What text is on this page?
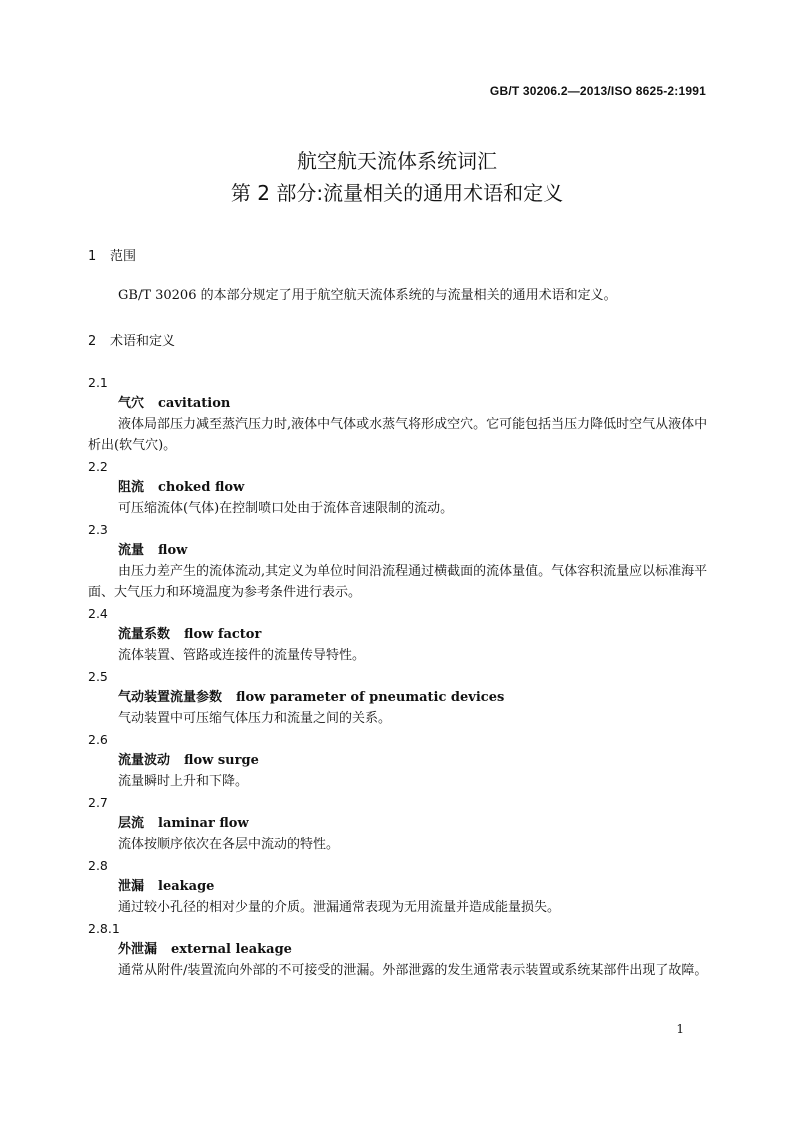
GB/T 30206.2—2013/ISO 8625-2:1991
航空航天流体系统词汇
第 2 部分:流量相关的通用术语和定义
1 范围
GB/T 30206 的本部分规定了用于航空航天流体系统的与流量相关的通用术语和定义。
2 术语和定义
2.1
气穴 cavitation
液体局部压力减至蒸汽压力时,液体中气体或水蒸气将形成空穴。它可能包括当压力降低时空气从液体中析出(软气穴)。
2.2
阻流 choked flow
可压缩流体(气体)在控制喷口处由于流体音速限制的流动。
2.3
流量 flow
由压力差产生的流体流动,其定义为单位时间沿流程通过横截面的流体量值。气体容积流量应以标准海平面、大气压力和环境温度为参考条件进行表示。
2.4
流量系数 flow factor
流体装置、管路或连接件的流量传导特性。
2.5
气动装置流量参数 flow parameter of pneumatic devices
气动装置中可压缩气体压力和流量之间的关系。
2.6
流量波动 flow surge
流量瞬时上升和下降。
2.7
层流 laminar flow
流体按顺序依次在各层中流动的特性。
2.8
泄漏 leakage
通过较小孔径的相对少量的介质。泄漏通常表现为无用流量并造成能量损失。
2.8.1
外泄漏 external leakage
通常从附件/装置流向外部的不可接受的泄漏。外部泄露的发生通常表示装置或系统某部件出现了故障。
1
